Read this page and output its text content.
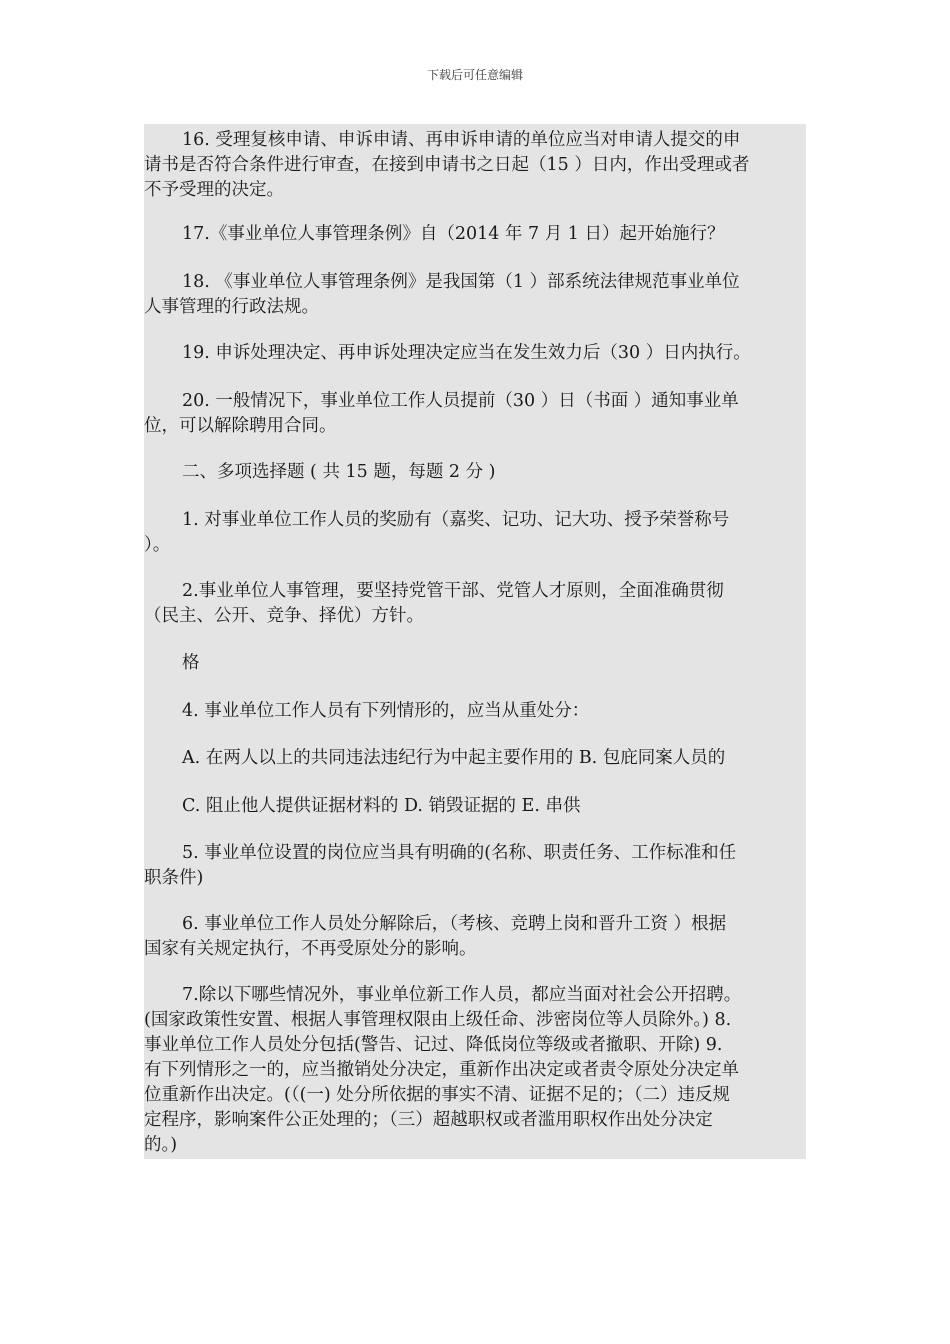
下载后可任意编辑
16. 受理复核申请、申诉申请、再申诉申请的单位应当对申请人提交的申
请书是否符合条件进行审查，在接到申请书之日起（15 ）日内，作出受理或者
不予受理的决定。
17.《事业单位人事管理条例》自（2014 年 7 月 1 日）起开始施行？
18. 《事业单位人事管理条例》是我国第（1 ）部系统法律规范事业单位
人事管理的行政法规。
19. 申诉处理决定、再申诉处理决定应当在发生效力后（30 ）日内执行。
20. 一般情况下，事业单位工作人员提前（30 ）日（书面 ）通知事业单
位，可以解除聘用合同。
二、多项选择题 ( 共 15 题，每题 2 分 )
1. 对事业单位工作人员的奖励有（嘉奖、记功、记大功、授予荣誉称号
）。
2.事业单位人事管理，要坚持党管干部、党管人才原则，全面准确贯彻
（民主、公开、竞争、择优）方针。
格
4. 事业单位工作人员有下列情形的，应当从重处分：
A. 在两人以上的共同违法违纪行为中起主要作用的 B. 包庇同案人员的
C. 阻止他人提供证据材料的 D. 销毁证据的 E. 串供
5. 事业单位设置的岗位应当具有明确的(名称、职责任务、工作标准和任
职条件)
6. 事业单位工作人员处分解除后，（考核、竞聘上岗和晋升工资 ）根据
国家有关规定执行，不再受原处分的影响。
7.除以下哪些情况外，事业单位新工作人员，都应当面对社会公开招聘。
(国家政策性安置、根据人事管理权限由上级任命、涉密岗位等人员除外。) 8.
事业单位工作人员处分包括(警告、记过、降低岗位等级或者撤职、开除) 9.
有下列情形之一的，应当撤销处分决定，重新作出决定或者责令原处分决定单
位重新作出决定。(（(一) 处分所依据的事实不清、证据不足的；（二）违反规
定程序，影响案件公正处理的；（三）超越职权或者滥用职权作出处分决定
的。)
